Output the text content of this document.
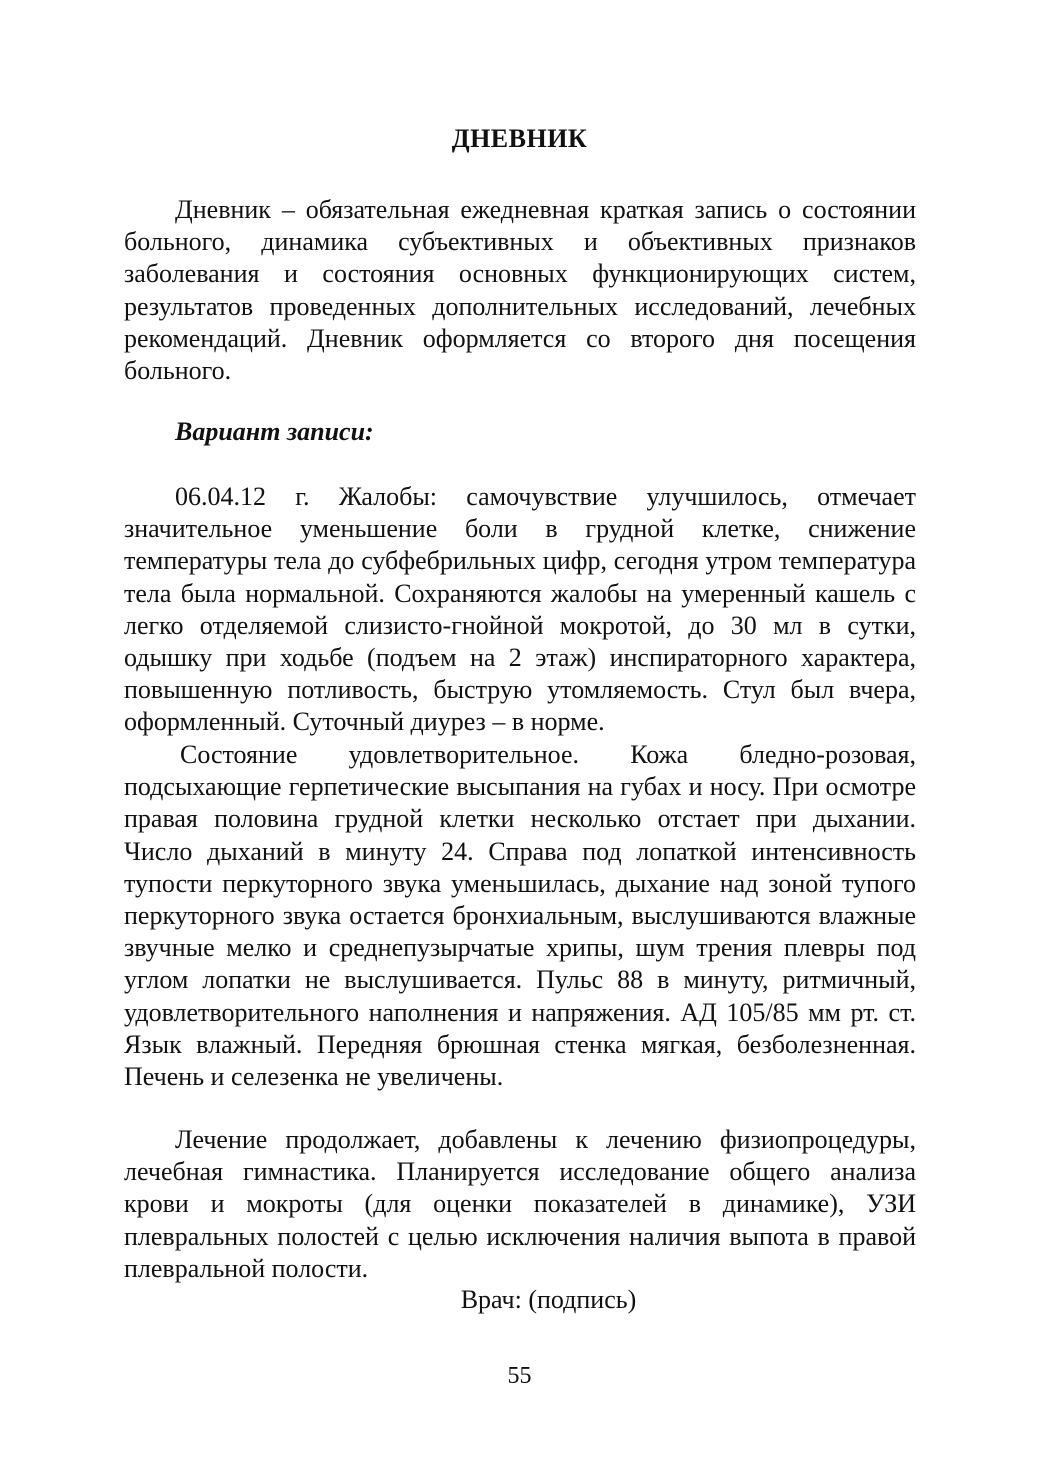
ДНЕВНИК

Дневник – обязательная ежедневная краткая запись о состоянии больного, динамика субъективных и объективных признаков заболевания и состояния основных функционирующих систем, результатов проведенных дополнительных исследований, лечебных рекомендаций. Дневник оформляется со второго дня посещения больного.

Вариант записи:

06.04.12 г. Жалобы: самочувствие улучшилось, отмечает значительное уменьшение боли в грудной клетке, снижение температуры тела до субфебрильных цифр, сегодня утром температура тела была нормальной. Сохраняются жалобы на умеренный кашель с легко отделяемой слизисто-гнойной мокротой, до 30 мл в сутки, одышку при ходьбе (подъем на 2 этаж) инспираторного характера, повышенную потливость, быструю утомляемость. Стул был вчера, оформленный. Суточный диурез – в норме.

Состояние удовлетворительное. Кожа бледно-розовая, подсыхающие герпетические высыпания на губах и носу. При осмотре правая половина грудной клетки несколько отстает при дыхании. Число дыханий в минуту 24. Справа под лопаткой интенсивность тупости перкуторного звука уменьшилась, дыхание над зоной тупого перкуторного звука остается бронхиальным, выслушиваются влажные звучные мелко и среднепузырчатые хрипы, шум трения плевры под углом лопатки не выслушивается. Пульс 88 в минуту, ритмичный, удовлетворительного наполнения и напряжения. АД 105/85 мм рт. ст. Язык влажный. Передняя брюшная стенка мягкая, безболезненная. Печень и селезенка не увеличены.

Лечение продолжает, добавлены к лечению физиопроцедуры, лечебная гимнастика. Планируется исследование общего анализа крови и мокроты (для оценки показателей в динамике), УЗИ плевральных полостей с целью исключения наличия выпота в правой плевральной полости.

Врач: (подпись)

55
